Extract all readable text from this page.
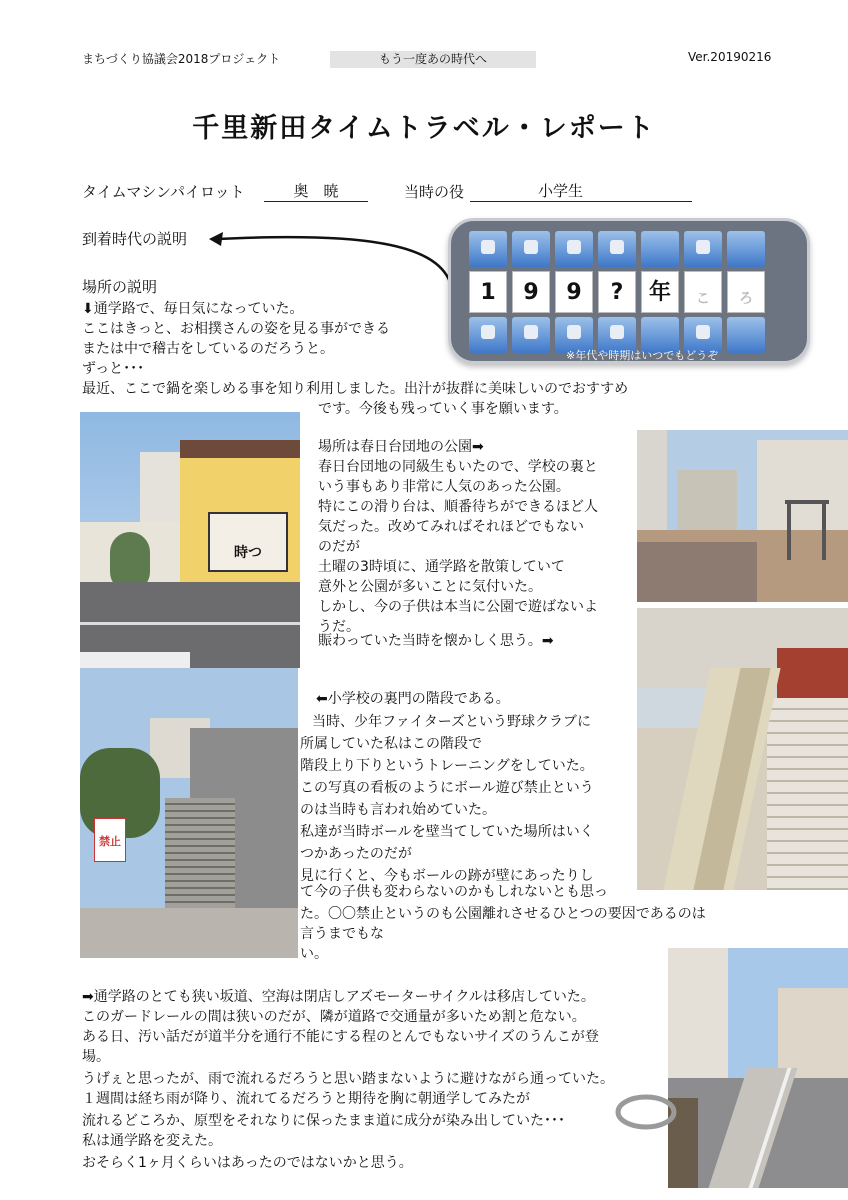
まちづくり協議会2018プロジェクト	もう一度あの時代へ	Ver.20190216
千里新田タイムトラベル・レポート
タイムマシンパイロット	奥　暁	当時の役	小学生
到着時代の説明
1	9	9	?	年	こ	ろ
※年代や時期はいつでもどうぞ
場所の説明
⬇通学路で、毎日気になっていた。
ここはきっと、お相撲さんの姿を見る事ができる
または中で稽古をしているのだろうと。
ずっと･･･
最近、ここで鍋を楽しめる事を知り利用しました。出汁が抜群に美味しいのでおすすめ
です。今後も残っていく事を願います。
時つ
場所は春日台団地の公園➡
春日台団地の同級生もいたので、学校の裏と
いう事もあり非常に人気のあった公園。
特にこの滑り台は、順番待ちができるほど人
気だった。改めてみればそれほどでもない
のだが
土曜の3時頃に、通学路を散策していて
意外と公園が多いことに気付いた。
しかし、今の子供は本当に公園で遊ばないよ
うだ。
賑わっていた当時を懐かしく思う。➡
禁止
⬅小学校の裏門の階段である。
当時、少年ファイターズという野球クラブに
所属していた私はこの階段で
階段上り下りというトレーニングをしていた。
この写真の看板のようにボール遊び禁止という
のは当時も言われ始めていた。
私達が当時ボールを壁当てしていた場所はいく
つかあったのだが
見に行くと、今もボールの跡が壁にあったりし
て今の子供も変わらないのかもしれないとも思っ
た。〇〇禁止というのも公園離れさせるひとつの要因であるのは
言うまでもな
い。
➡通学路のとても狭い坂道、空海は閉店しアズモーターサイクルは移店していた。
このガードレールの間は狭いのだが、隣が道路で交通量が多いため割と危ない。
ある日、汚い話だが道半分を通行不能にする程のとんでもないサイズのうんこが登
場。
うげぇと思ったが、雨で流れるだろうと思い踏まないように避けながら通っていた。
１週間は経ち雨が降り、流れてるだろうと期待を胸に朝通学してみたが
流れるどころか、原型をそれなりに保ったまま道に成分が染み出していた･･･
私は通学路を変えた。
おそらく1ヶ月くらいはあったのではないかと思う。
